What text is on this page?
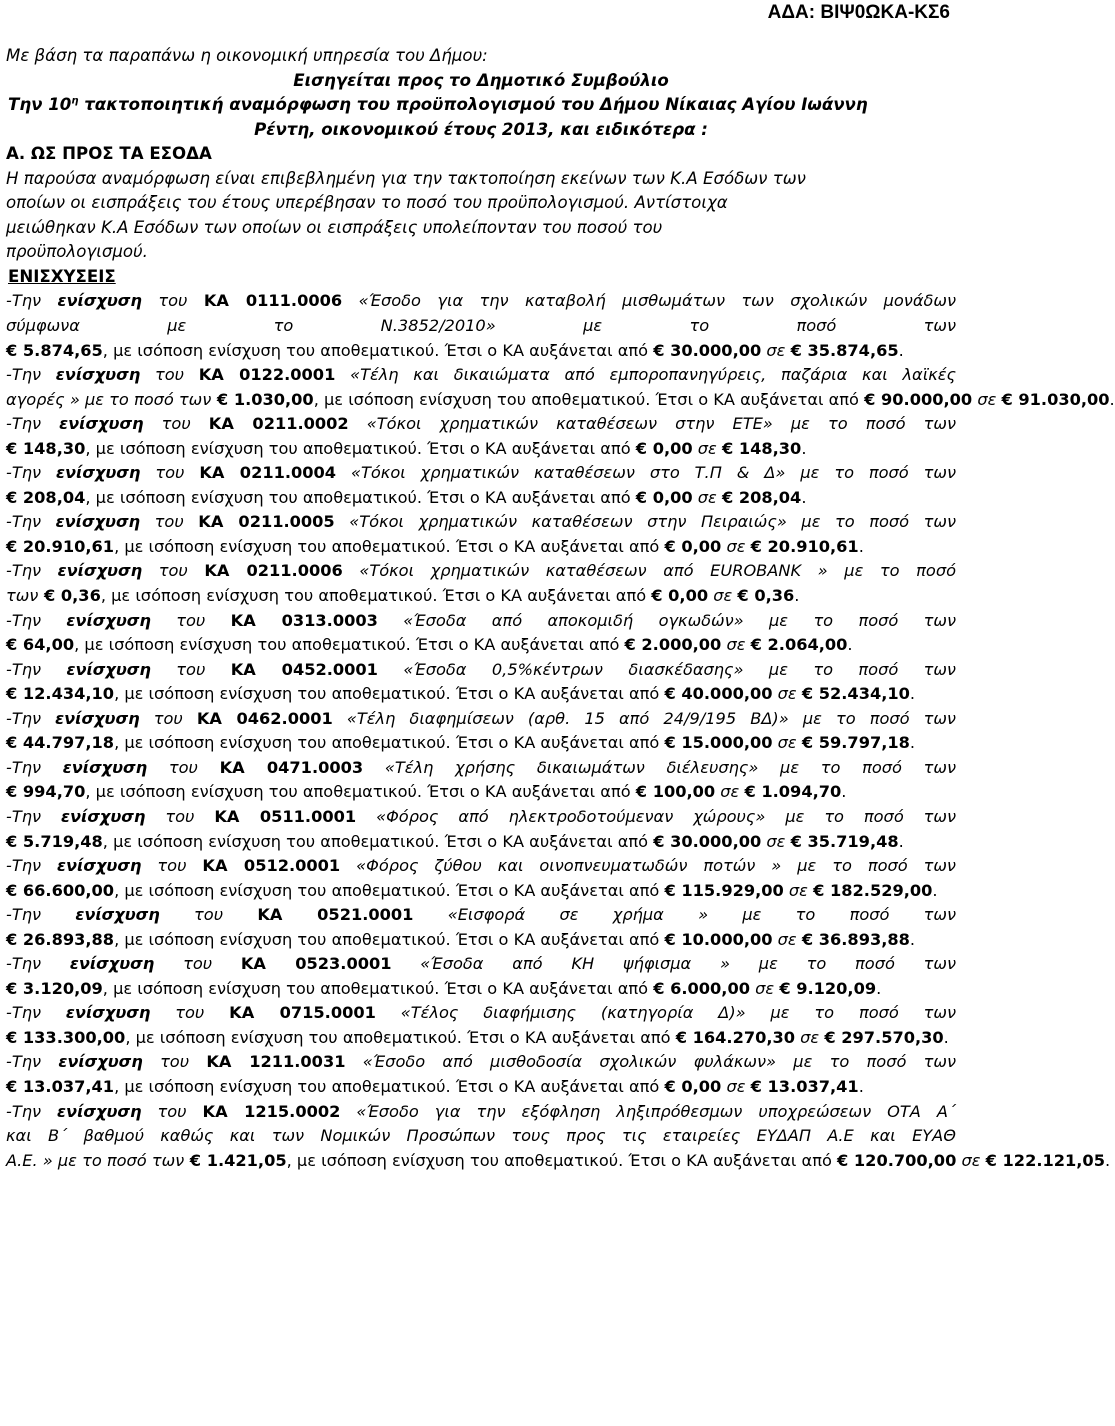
ΑΔΑ: ΒΙΨ0ΩΚΑ-ΚΣ6
Με βάση τα παραπάνω η οικονομική υπηρεσία του Δήμου:
Εισηγείται προς το Δημοτικό Συμβούλιο
Την $10^\eta$ τακτοποιητική αναμόρφωση του προϋπολογισμού του Δήμου Νίκαιας Αγίου Ιωάννη
Ρέντη, οικονομικού έτους 2013, και ειδικότερα :
Α. ΩΣ ΠΡΟΣ ΤΑ ΕΣΟΔΑ
Η παρούσα αναμόρφωση είναι επιβεβλημένη για την τακτοποίηση εκείνων των Κ.Α Εσόδων των
οποίων οι εισπράξεις του έτους υπερέβησαν το ποσό του προϋπολογισμού. Αντίστοιχα
μειώθηκαν Κ.Α Εσόδων των οποίων οι εισπράξεις υπολείπονταν του ποσού του
προϋπολογισμού.
ΕΝΙΣΧΥΣΕΙΣ
-Την ενίσχυση του ΚΑ 0111.0006 «Έσοδο για την καταβολή μισθωμάτων των σχολικών μονάδων
σύμφωνα με το Ν.3852/2010» με το ποσό των
€ 5.874,65, με ισόποση ενίσχυση του αποθεματικού. Έτσι ο ΚΑ αυξάνεται από € 30.000,00 σε € 35.874,65.
-Την ενίσχυση του ΚΑ 0122.0001 «Τέλη και δικαιώματα από εμποροπανηγύρεις, παζάρια και λαϊκές
αγορές » με το ποσό των € 1.030,00, με ισόποση ενίσχυση του αποθεματικού. Έτσι ο ΚΑ αυξάνεται από € 90.000,00 σε € 91.030,00.
-Την ενίσχυση του ΚΑ 0211.0002 «Τόκοι χρηματικών καταθέσεων στην ΕΤΕ» με το ποσό των
€ 148,30, με ισόποση ενίσχυση του αποθεματικού. Έτσι ο ΚΑ αυξάνεται από € 0,00 σε € 148,30.
-Την ενίσχυση του ΚΑ 0211.0004 «Τόκοι χρηματικών καταθέσεων στο Τ.Π & Δ» με το ποσό των
€ 208,04, με ισόποση ενίσχυση του αποθεματικού. Έτσι ο ΚΑ αυξάνεται από € 0,00 σε € 208,04.
-Την ενίσχυση του ΚΑ 0211.0005 «Τόκοι χρηματικών καταθέσεων στην Πειραιώς» με το ποσό των
€ 20.910,61, με ισόποση ενίσχυση του αποθεματικού. Έτσι ο ΚΑ αυξάνεται από € 0,00 σε € 20.910,61.
-Την ενίσχυση του ΚΑ 0211.0006 «Τόκοι χρηματικών καταθέσεων από EUROBANK » με το ποσό
των € 0,36, με ισόποση ενίσχυση του αποθεματικού. Έτσι ο ΚΑ αυξάνεται από € 0,00 σε € 0,36.
-Την ενίσχυση του ΚΑ 0313.0003 «Έσοδα από αποκομιδή ογκωδών» με το ποσό των
€ 64,00, με ισόποση ενίσχυση του αποθεματικού. Έτσι ο ΚΑ αυξάνεται από € 2.000,00 σε € 2.064,00.
-Την ενίσχυση του ΚΑ 0452.0001 «Έσοδα 0,5%κέντρων διασκέδασης» με το ποσό των
€ 12.434,10, με ισόποση ενίσχυση του αποθεματικού. Έτσι ο ΚΑ αυξάνεται από € 40.000,00 σε € 52.434,10.
-Την ενίσχυση του ΚΑ 0462.0001 «Τέλη διαφημίσεων (αρθ. 15 από 24/9/195 ΒΔ)» με το ποσό των
€ 44.797,18, με ισόποση ενίσχυση του αποθεματικού. Έτσι ο ΚΑ αυξάνεται από € 15.000,00 σε € 59.797,18.
-Την ενίσχυση του ΚΑ 0471.0003 «Τέλη χρήσης δικαιωμάτων διέλευσης» με το ποσό των
€ 994,70, με ισόποση ενίσχυση του αποθεματικού. Έτσι ο ΚΑ αυξάνεται από € 100,00 σε € 1.094,70.
-Την ενίσχυση του ΚΑ 0511.0001 «Φόρος από ηλεκτροδοτούμεναν χώρους» με το ποσό των
€ 5.719,48, με ισόποση ενίσχυση του αποθεματικού. Έτσι ο ΚΑ αυξάνεται από € 30.000,00 σε € 35.719,48.
-Την ενίσχυση του ΚΑ 0512.0001 «Φόρος ζύθου και οινοπνευματωδών ποτών » με το ποσό των
€ 66.600,00, με ισόποση ενίσχυση του αποθεματικού. Έτσι ο ΚΑ αυξάνεται από € 115.929,00 σε € 182.529,00.
-Την ενίσχυση του ΚΑ 0521.0001 «Εισφορά σε χρήμα » με το ποσό των
€ 26.893,88, με ισόποση ενίσχυση του αποθεματικού. Έτσι ο ΚΑ αυξάνεται από € 10.000,00 σε € 36.893,88.
-Την ενίσχυση του ΚΑ 0523.0001 «Έσοδα από ΚΗ ψήφισμα » με το ποσό των
€ 3.120,09, με ισόποση ενίσχυση του αποθεματικού. Έτσι ο ΚΑ αυξάνεται από € 6.000,00 σε € 9.120,09.
-Την ενίσχυση του ΚΑ 0715.0001 «Τέλος διαφήμισης (κατηγορία Δ)» με το ποσό των
€ 133.300,00, με ισόποση ενίσχυση του αποθεματικού. Έτσι ο ΚΑ αυξάνεται από € 164.270,30 σε € 297.570,30.
-Την ενίσχυση του ΚΑ 1211.0031 «Έσοδο από μισθοδοσία σχολικών φυλάκων» με το ποσό των
€ 13.037,41, με ισόποση ενίσχυση του αποθεματικού. Έτσι ο ΚΑ αυξάνεται από € 0,00 σε € 13.037,41.
-Την ενίσχυση του ΚΑ 1215.0002 «Έσοδο για την εξόφληση ληξιπρόθεσμων υποχρεώσεων ΟΤΑ Α΄
και Β΄ βαθμού καθώς και των Νομικών Προσώπων τους προς τις εταιρείες ΕΥΔΑΠ Α.Ε και ΕΥΑΘ
Α.Ε. » με το ποσό των € 1.421,05, με ισόποση ενίσχυση του αποθεματικού. Έτσι ο ΚΑ αυξάνεται από € 120.700,00 σε € 122.121,05.
